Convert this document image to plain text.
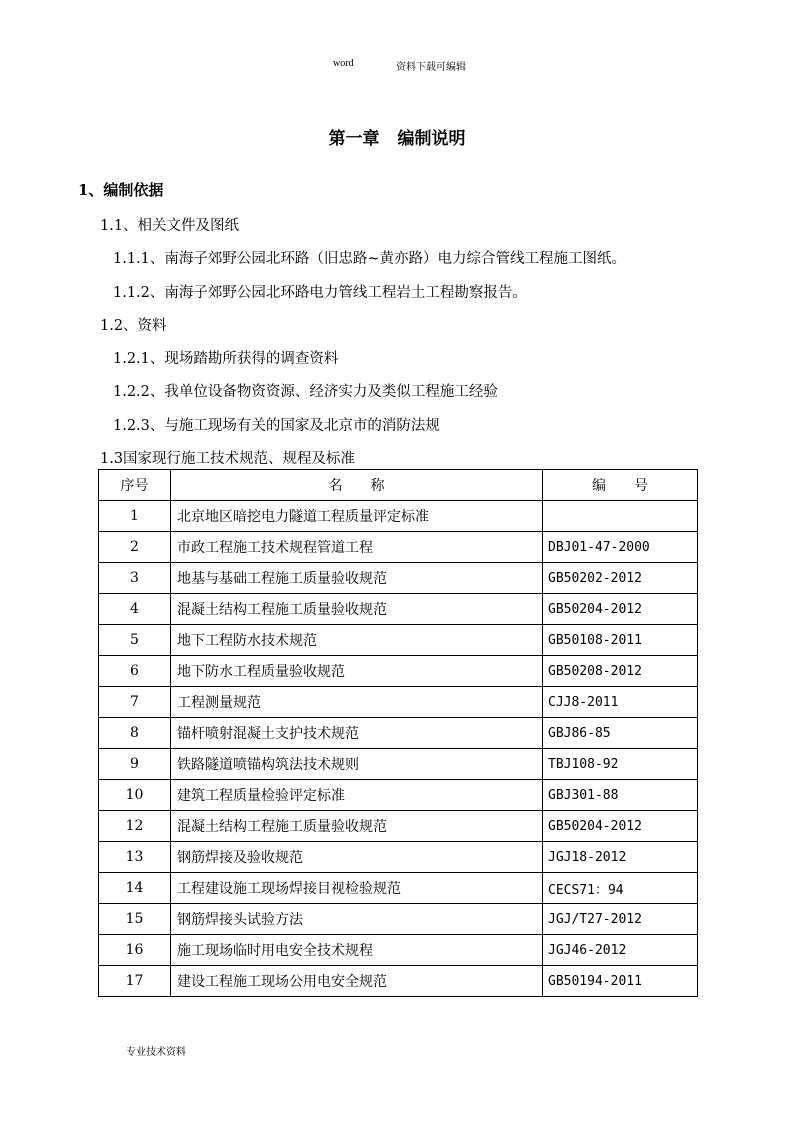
word	资料下载可编辑
第一章 编制说明
1、编制依据
1.1、相关文件及图纸
1.1.1、南海子郊野公园北环路（旧忠路~黄亦路）电力综合管线工程施工图纸。
1.1.2、南海子郊野公园北环路电力管线工程岩土工程勘察报告。
1.2、资料
1.2.1、现场踏勘所获得的调查资料
1.2.2、我单位设备物资资源、经济实力及类似工程施工经验
1.2.3、与施工现场有关的国家及北京市的消防法规
1.3国家现行施工技术规范、规程及标准
序号	名　　称	编　　号
1	北京地区暗挖电力隧道工程质量评定标准	
2	市政工程施工技术规程管道工程	DBJ01-47-2000
3	地基与基础工程施工质量验收规范	GB50202-2012
4	混凝土结构工程施工质量验收规范	GB50204-2012
5	地下工程防水技术规范	GB50108-2011
6	地下防水工程质量验收规范	GB50208-2012
7	工程测量规范	CJJ8-2011
8	锚杆喷射混凝土支护技术规范	GBJ86-85
9	铁路隧道喷锚构筑法技术规则	TBJ108-92
10	建筑工程质量检验评定标准	GBJ301-88
12	混凝土结构工程施工质量验收规范	GB50204-2012
13	钢筋焊接及验收规范	JGJ18-2012
14	工程建设施工现场焊接目视检验规范	CECS71：94
15	钢筋焊接头试验方法	JGJ/T27-2012
16	施工现场临时用电安全技术规程	JGJ46-2012
17	建设工程施工现场公用电安全规范	GB50194-2011
专业技术资料
